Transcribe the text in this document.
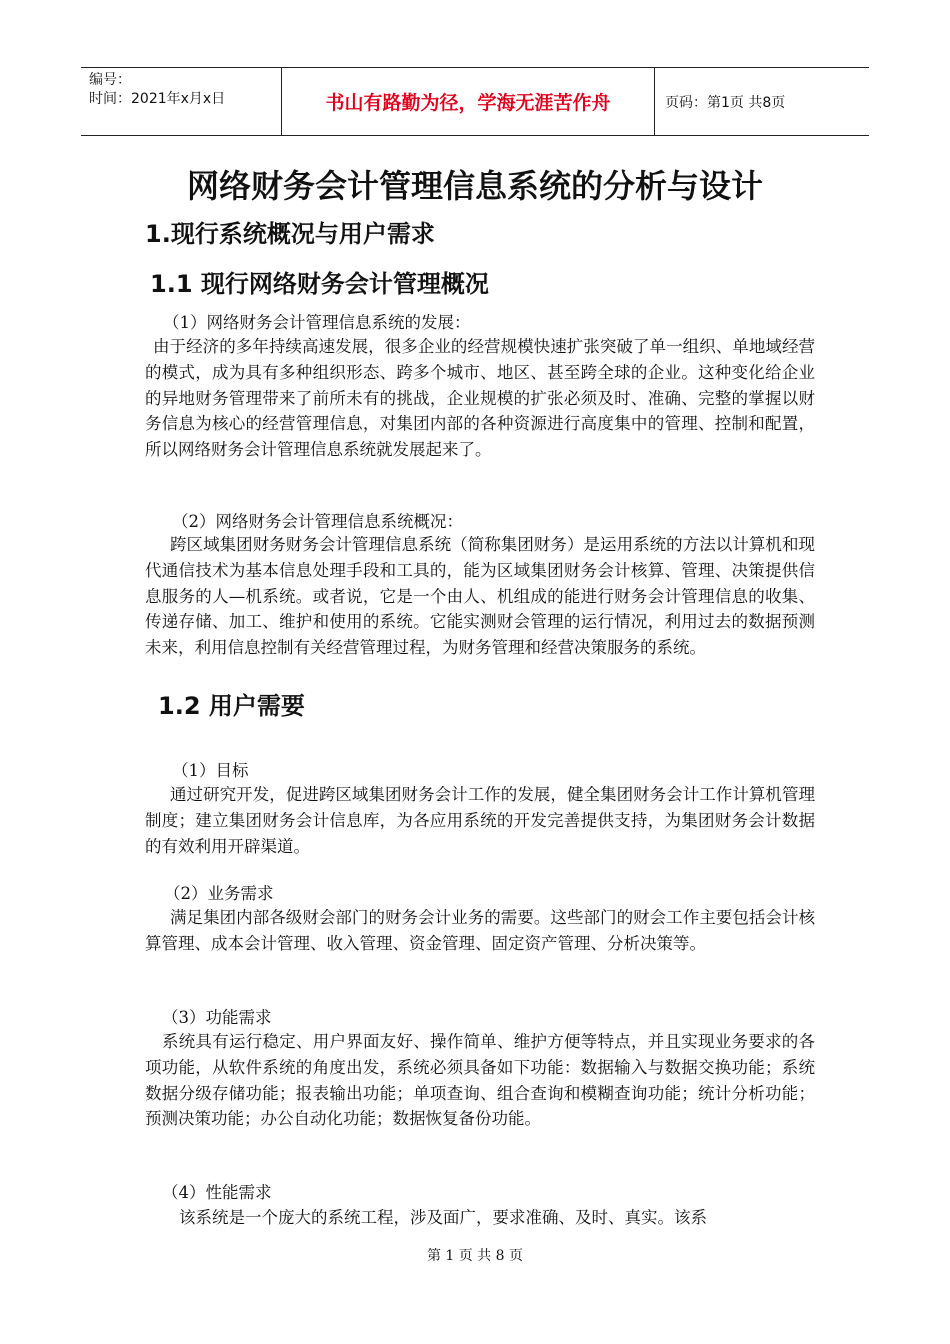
编号：
时间：2021年x月x日	书山有路勤为径，学海无涯苦作舟	页码：第1页 共8页
网络财务会计管理信息系统的分析与设计
1.现行系统概况与用户需求
1.1 现行网络财务会计管理概况

（1）网络财务会计管理信息系统的发展：

由于经济的多年持续高速发展，很多企业的经营规模快速扩张突破了单一组织、单地域经营的模式，成为具有多种组织形态、跨多个城市、地区、甚至跨全球的企业。这种变化给企业的异地财务管理带来了前所未有的挑战，企业规模的扩张必须及时、准确、完整的掌握以财务信息为核心的经营管理信息，对集团内部的各种资源进行高度集中的管理、控制和配置，所以网络财务会计管理信息系统就发展起来了。

（2）网络财务会计管理信息系统概况：

跨区域集团财务财务会计管理信息系统（简称集团财务）是运用系统的方法以计算机和现代通信技术为基本信息处理手段和工具的，能为区域集团财务会计核算、管理、决策提供信息服务的人—机系统。或者说，它是一个由人、机组成的能进行财务会计管理信息的收集、传递存储、加工、维护和使用的系统。它能实测财会管理的运行情况，利用过去的数据预测未来，利用信息控制有关经营管理过程，为财务管理和经营决策服务的系统。

1.2 用户需要

（1）目标

通过研究开发，促进跨区域集团财务会计工作的发展，健全集团财务会计工作计算机管理制度；建立集团财务会计信息库，为各应用系统的开发完善提供支持，为集团财务会计数据的有效利用开辟渠道。

（2）业务需求

满足集团内部各级财会部门的财务会计业务的需要。这些部门的财会工作主要包括会计核算管理、成本会计管理、收入管理、资金管理、固定资产管理、分析决策等。

（3）功能需求

系统具有运行稳定、用户界面友好、操作简单、维护方便等特点，并且实现业务要求的各项功能，从软件系统的角度出发，系统必须具备如下功能：数据输入与数据交换功能；系统数据分级存储功能；报表输出功能；单项查询、组合查询和模糊查询功能；统计分析功能；预测决策功能；办公自动化功能；数据恢复备份功能。

（4）性能需求

该系统是一个庞大的系统工程，涉及面广，要求准确、及时、真实。该系

第 1 页 共 8 页
